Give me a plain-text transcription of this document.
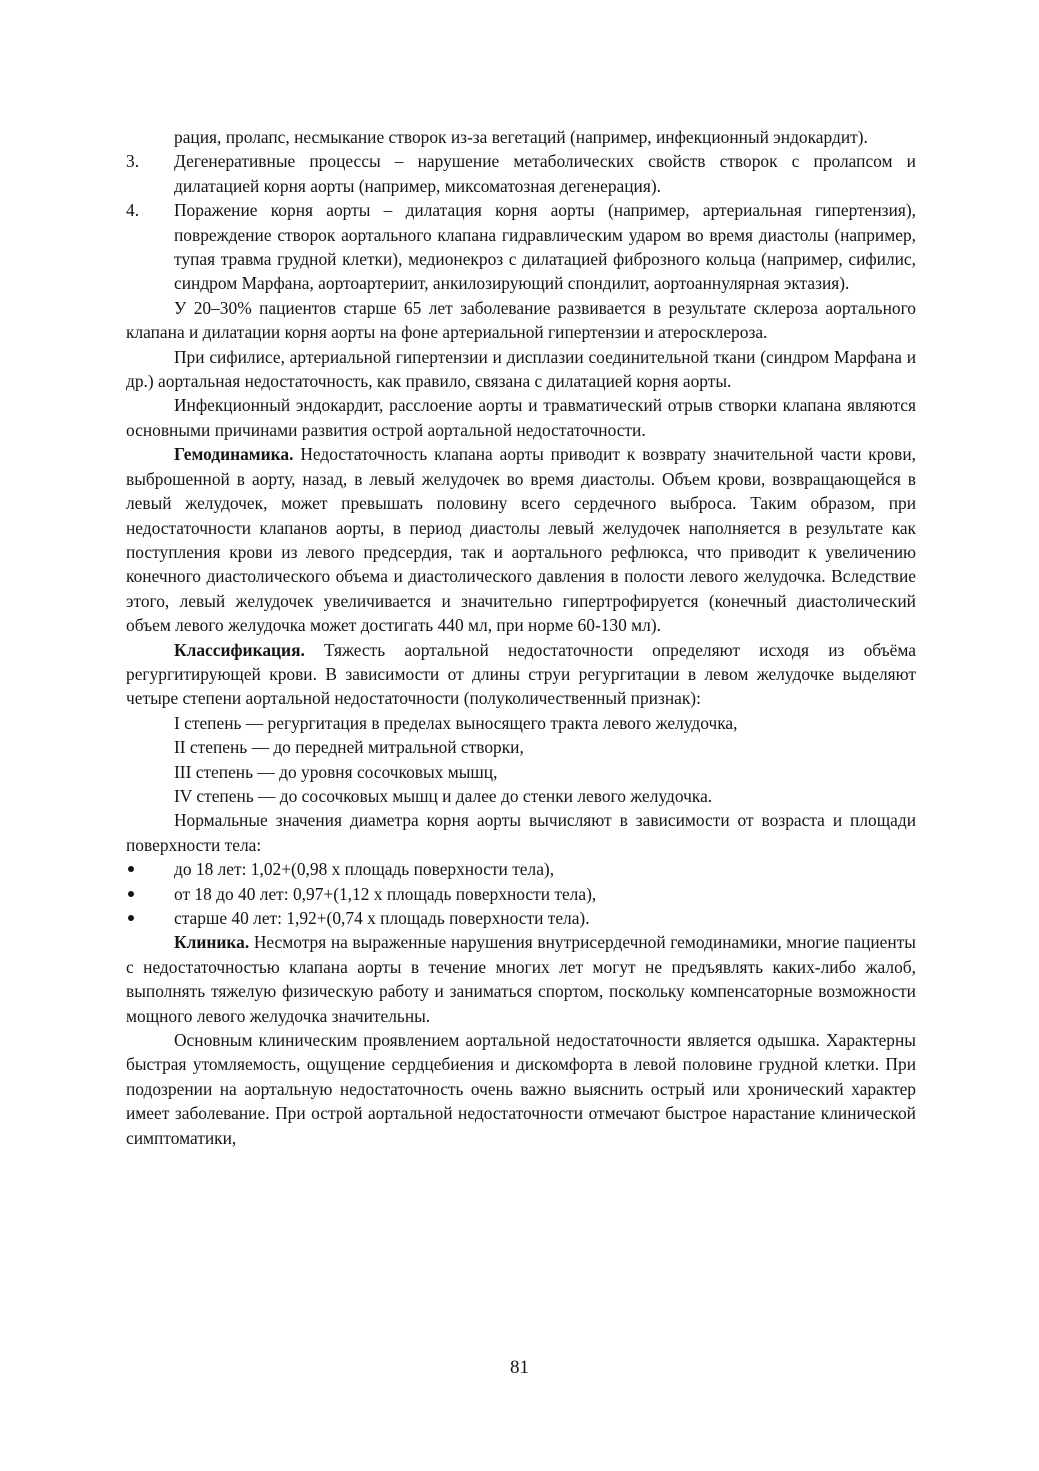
рация, пролапс, несмыкание створок из-за вегетаций (например, инфекционный эндокардит).

3. Дегенеративные процессы – нарушение метаболических свойств створок с пролапсом и дилатацией корня аорты (например, миксоматозная дегенерация).
4. Поражение корня аорты – дилатация корня аорты (например, артериальная гипертензия), повреждение створок аортального клапана гидравлическим ударом во время диастолы (например, тупая травма грудной клетки), медионекроз с дилатацией фиброзного кольца (например, сифилис, синдром Марфана, аортоартериит, анкилозирующий спондилит, аортоаннулярная эктазия).

У 20–30% пациентов старше 65 лет заболевание развивается в результате склероза аортального клапана и дилатации корня аорты на фоне артериальной гипертензии и атеросклероза.

При сифилисе, артериальной гипертензии и дисплазии соединительной ткани (синдром Марфана и др.) аортальная недостаточность, как правило, связана с дилатацией корня аорты.

Инфекционный эндокардит, расслоение аорты и травматический отрыв створки клапана являются основными причинами развития острой аортальной недостаточности.

Гемодинамика. Недостаточность клапана аорты приводит к возврату значительной части крови, выброшенной в аорту, назад, в левый желудочек во время диастолы. Объем крови, возвращающейся в левый желудочек, может превышать половину всего сердечного выброса. Таким образом, при недостаточности клапанов аорты, в период диастолы левый желудочек наполняется в результате как поступления крови из левого предсердия, так и аортального рефлюкса, что приводит к увеличению конечного диастолического объема и диастолического давления в полости левого желудочка. Вследствие этого, левый желудочек увеличивается и значительно гипертрофируется (конечный диастолический объем левого желудочка может достигать 440 мл, при норме 60-130 мл).

Классификация. Тяжесть аортальной недостаточности определяют исходя из объёма регургитирующей крови. В зависимости от длины струи регургитации в левом желудочке выделяют четыре степени аортальной недостаточности (полуколичественный признак):

I степень — регургитация в пределах выносящего тракта левого желудочка,
II степень — до передней митральной створки,
III степень — до уровня сосочковых мышц,
IV степень — до сосочковых мышц и далее до стенки левого желудочка.

Нормальные значения диаметра корня аорты вычисляют в зависимости от возраста и площади поверхности тела:

до 18 лет: 1,02+(0,98 х площадь поверхности тела),
от 18 до 40 лет: 0,97+(1,12 х площадь поверхности тела),
старше 40 лет: 1,92+(0,74 х площадь поверхности тела).

Клиника. Несмотря на выраженные нарушения внутрисердечной гемодинамики, многие пациенты с недостаточностью клапана аорты в течение многих лет могут не предъявлять каких-либо жалоб, выполнять тяжелую физическую работу и заниматься спортом, поскольку компенсаторные возможности мощного левого желудочка значительны.

Основным клиническим проявлением аортальной недостаточности является одышка. Характерны быстрая утомляемость, ощущение сердцебиения и дискомфорта в левой половине грудной клетки. При подозрении на аортальную недостаточность очень важно выяснить острый или хронический характер имеет заболевание. При острой аортальной недостаточности отмечают быстрое нарастание клинической симптоматики,

81
